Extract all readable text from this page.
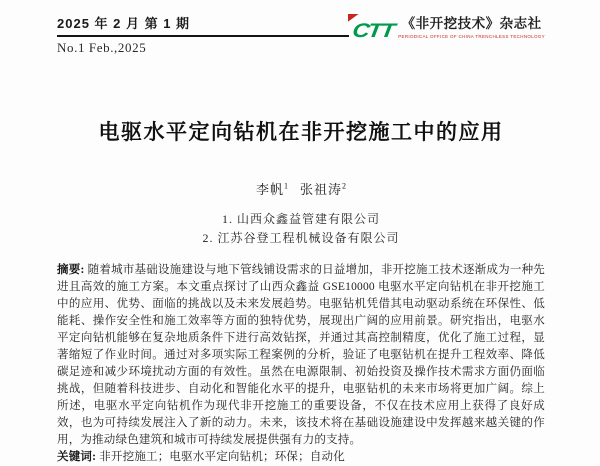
2025 年 2 月 第 1 期
No.1 Feb.,2025
CTT 《非开挖技术》杂志社
PERIODICAL OFFICE OF CHINA TRENCHLESS TECHNOLOGY
电驱水平定向钻机在非开挖施工中的应用
李帆$^1$ 张祖涛$^2$
1. 山西众鑫益管建有限公司
2. 江苏谷登工程机械设备有限公司
摘要: 随着城市基础设施建设与地下管线铺设需求的日益增加，非开挖施工技术逐渐成为一种先进且高效的施工方案。本文重点探讨了山西众鑫益 GSE10000 电驱水平定向钻机在非开挖施工中的应用、优势、面临的挑战以及未来发展趋势。电驱钻机凭借其电动驱动系统在环保性、低能耗、操作安全性和施工效率等方面的独特优势，展现出广阔的应用前景。研究指出，电驱水平定向钻机能够在复杂地质条件下进行高效钻探，并通过其高控制精度，优化了施工过程，显著缩短了作业时间。通过对多项实际工程案例的分析，验证了电驱钻机在提升工程效率、降低碳足迹和减少环境扰动方面的有效性。虽然在电源限制、初始投资及操作技术需求方面仍面临挑战，但随着科技进步、自动化和智能化水平的提升，电驱钻机的未来市场将更加广阔。综上所述，电驱水平定向钻机作为现代非开挖施工的重要设备，不仅在技术应用上获得了良好成效，也为可持续发展注入了新的动力。未来，该技术将在基础设施建设中发挥越来越关键的作用，为推动绿色建筑和城市可持续发展提供强有力的支持。
关键词: 非开挖施工；电驱水平定向钻机；环保；自动化
